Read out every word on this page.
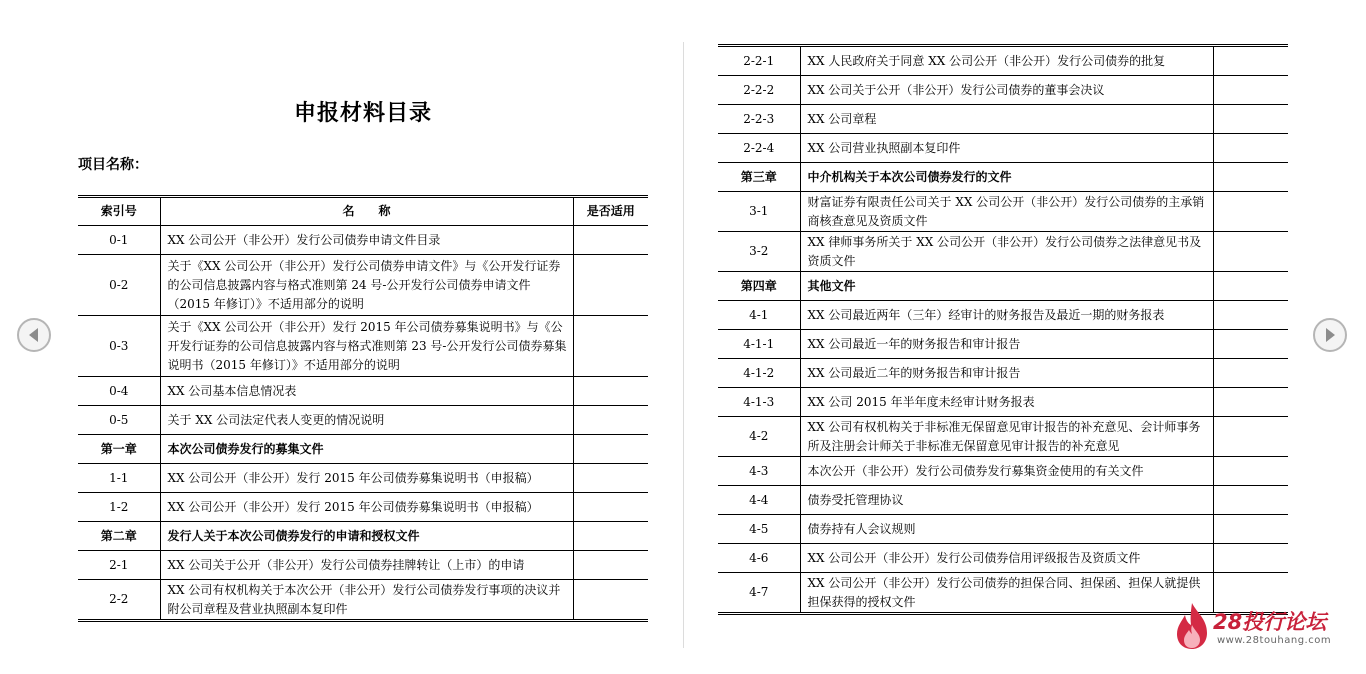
申报材料目录
项目名称：
索引号	名　　称	是否适用
0-1	XX 公司公开（非公开）发行公司债券申请文件目录	
0-2	关于《XX 公司公开（非公开）发行公司债券申请文件》与《公开发行证券的公司信息披露内容与格式准则第 24 号-公开发行公司债券申请文件（2015 年修订）》不适用部分的说明	
0-3	关于《XX 公司公开（非公开）发行 2015 年公司债券募集说明书》与《公开发行证券的公司信息披露内容与格式准则第 23 号-公开发行公司债券募集说明书（2015 年修订）》不适用部分的说明	
0-4	XX 公司基本信息情况表	
0-5	关于 XX 公司法定代表人变更的情况说明	
第一章	本次公司债券发行的募集文件	
1-1	XX 公司公开（非公开）发行 2015 年公司债券募集说明书（申报稿）	
1-2	XX 公司公开（非公开）发行 2015 年公司债券募集说明书（申报稿）	
第二章	发行人关于本次公司债券发行的申请和授权文件	
2-1	XX 公司关于公开（非公开）发行公司债券挂牌转让（上市）的申请	
2-2	XX 公司有权机构关于本次公开（非公开）发行公司债券发行事项的决议并附公司章程及营业执照副本复印件	
2-2-1	XX 人民政府关于同意 XX 公司公开（非公开）发行公司债券的批复	
2-2-2	XX 公司关于公开（非公开）发行公司债券的董事会决议	
2-2-3	XX 公司章程	
2-2-4	XX 公司营业执照副本复印件	
第三章	中介机构关于本次公司债券发行的文件	
3-1	财富证券有限责任公司关于 XX 公司公开（非公开）发行公司债券的主承销商核查意见及资质文件	
3-2	XX 律师事务所关于 XX 公司公开（非公开）发行公司债券之法律意见书及资质文件	
第四章	其他文件	
4-1	XX 公司最近两年（三年）经审计的财务报告及最近一期的财务报表	
4-1-1	XX 公司最近一年的财务报告和审计报告	
4-1-2	XX 公司最近二年的财务报告和审计报告	
4-1-3	XX 公司 2015 年半年度未经审计财务报表	
4-2	XX 公司有权机构关于非标准无保留意见审计报告的补充意见、会计师事务所及注册会计师关于非标准无保留意见审计报告的补充意见	
4-3	本次公开（非公开）发行公司债券发行募集资金使用的有关文件	
4-4	债券受托管理协议	
4-5	债券持有人会议规则	
4-6	XX 公司公开（非公开）发行公司债券信用评级报告及资质文件	
4-7	XX 公司公开（非公开）发行公司债券的担保合同、担保函、担保人就提供担保获得的授权文件	
28投行论坛
www.28touhang.com
